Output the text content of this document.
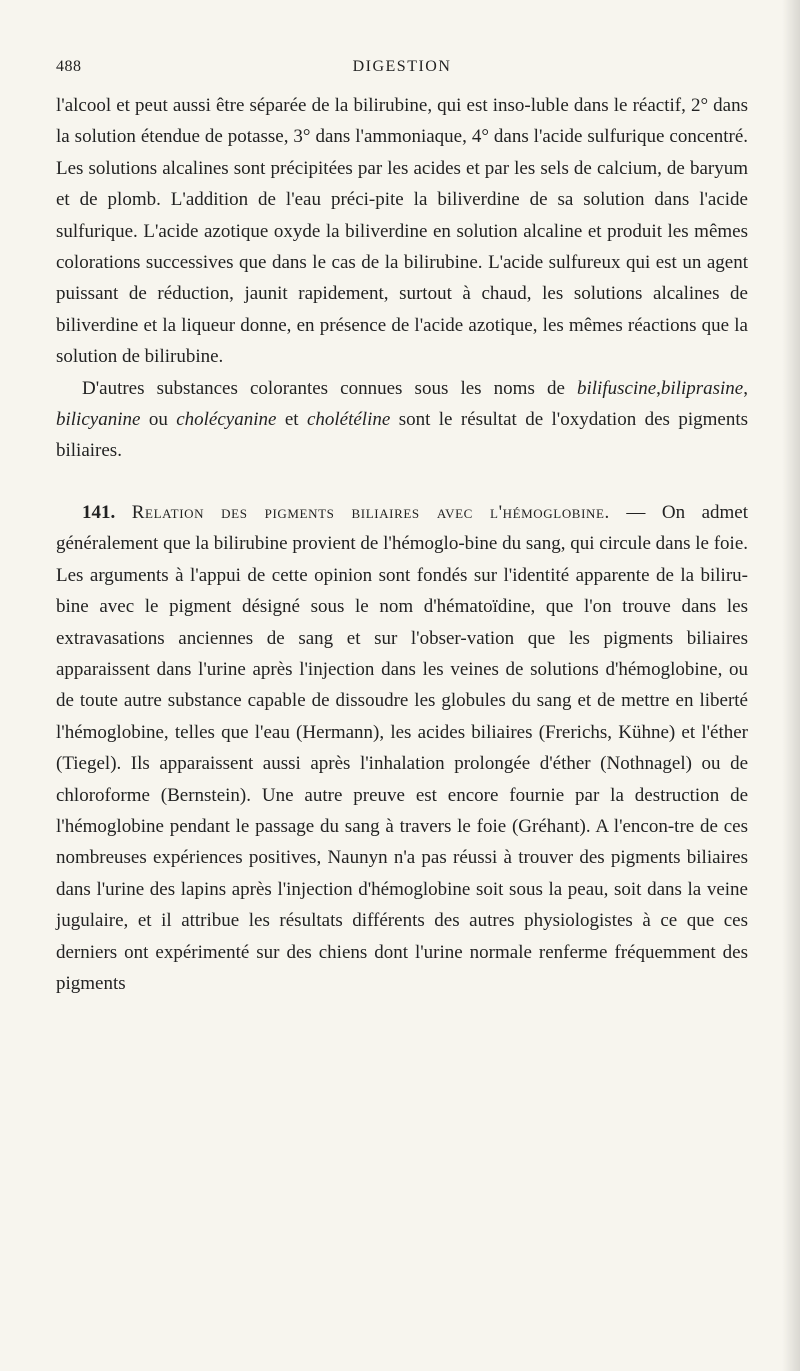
488	DIGESTION

l'alcool et peut aussi être séparée de la bilirubine, qui est inso-luble dans le réactif, 2° dans la solution étendue de potasse, 3° dans l'ammoniaque, 4° dans l'acide sulfurique concentré. Les solutions alcalines sont précipitées par les acides et par les sels de calcium, de baryum et de plomb. L'addition de l'eau préci-pite la biliverdine de sa solution dans l'acide sulfurique. L'acide azotique oxyde la biliverdine en solution alcaline et produit les mêmes colorations successives que dans le cas de la bilirubine. L'acide sulfureux qui est un agent puissant de réduction, jaunit rapidement, surtout à chaud, les solutions alcalines de biliverdine et la liqueur donne, en présence de l'acide azotique, les mêmes réactions que la solution de bilirubine.

D'autres substances colorantes connues sous les noms de bilifuscine,biliprasine, bilicyanine ou cholécyanine et cholétéline sont le résultat de l'oxydation des pigments biliaires.

141. Relation des pigments biliaires avec l'hémoglobine. — On admet généralement que la bilirubine provient de l'hémoglo-bine du sang, qui circule dans le foie. Les arguments à l'appui de cette opinion sont fondés sur l'identité apparente de la biliru-bine avec le pigment désigné sous le nom d'hématoïdine, que l'on trouve dans les extravasations anciennes de sang et sur l'obser-vation que les pigments biliaires apparaissent dans l'urine après l'injection dans les veines de solutions d'hémoglobine, ou de toute autre substance capable de dissoudre les globules du sang et de mettre en liberté l'hémoglobine, telles que l'eau (Hermann), les acides biliaires (Frerichs, Kühne) et l'éther (Tiegel). Ils apparaissent aussi après l'inhalation prolongée d'éther (Nothnagel) ou de chloroforme (Bernstein). Une autre preuve est encore fournie par la destruction de l'hémoglobine pendant le passage du sang à travers le foie (Gréhant). A l'encon-tre de ces nombreuses expériences positives, Naunyn n'a pas réussi à trouver des pigments biliaires dans l'urine des lapins après l'injection d'hémoglobine soit sous la peau, soit dans la veine jugulaire, et il attribue les résultats différents des autres physiologistes à ce que ces derniers ont expérimenté sur des chiens dont l'urine normale renferme fréquemment des pigments
